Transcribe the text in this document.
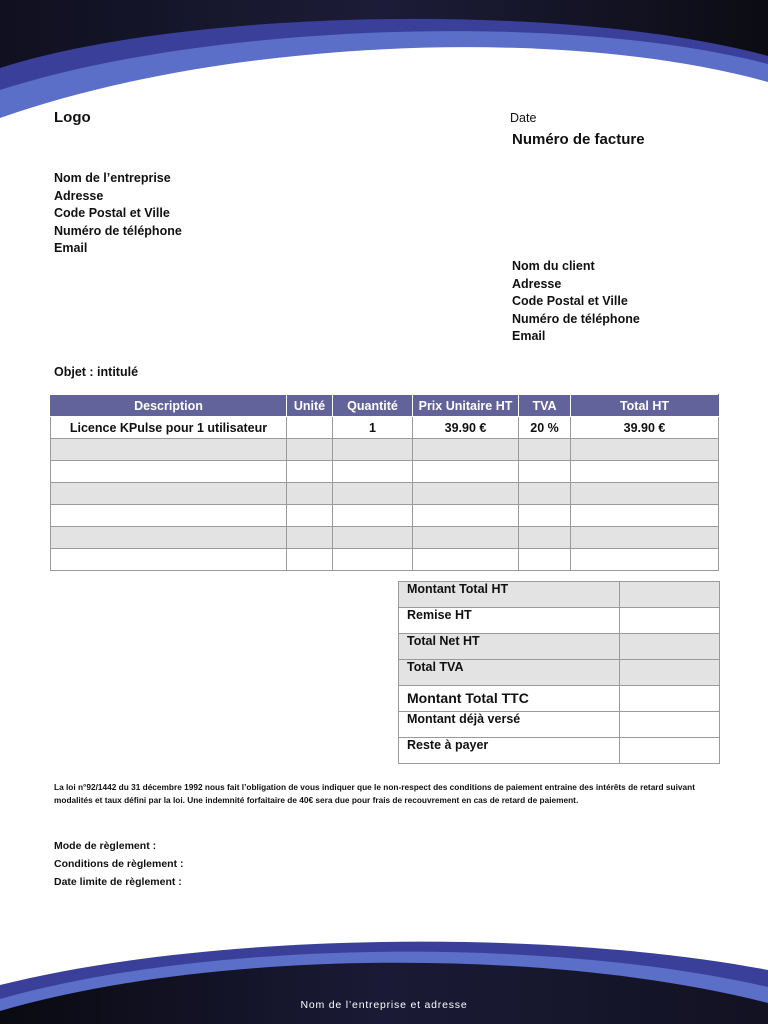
Logo	Date
Numéro de facture
Nom de l’entreprise
Adresse
Code Postal et Ville
Numéro de téléphone
Email
Nom du client
Adresse
Code Postal et Ville
Numéro de téléphone
Email
Objet : intitulé
Description	Unité	Quantité	Prix Unitaire HT	TVA	Total HT
Licence KPulse pour 1 utilisateur		1	39.90 €	20 %	39.90 €

Montant Total HT	
Remise HT	
Total Net HT	
Total TVA	
Montant Total TTC	
Montant déjà versé	
Reste à payer	
La loi n°92/1442 du 31 décembre 1992 nous fait l’obligation de vous indiquer que le non-respect des conditions de paiement entraine des intérêts de retard suivant modalités et taux défini par la loi. Une indemnité forfaitaire de 40€ sera due pour frais de recouvrement en cas de retard de paiement.
Mode de règlement :
Conditions de règlement :
Date limite de règlement :
Nom de l’entreprise et adresse
